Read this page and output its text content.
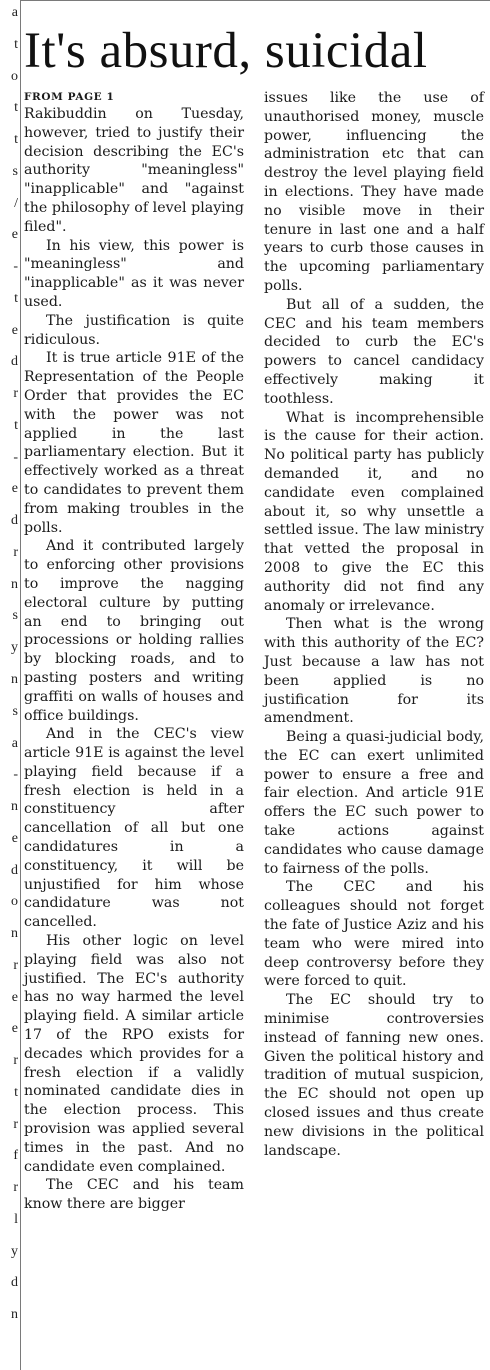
a
t
o
t
t
s
/
e
-
t
e
d
r
t
-
e
d
r
n
s
y
n
s
a
-
n
e
d
o
n
r
e
e
r
t
r
f
r
l
y
d
n
It's absurd, suicidal

FROM PAGE 1

Rakibuddin on Tuesday, however, tried to justify their decision describing the EC's authority "meaningless" "inapplicable" and "against the philosophy of level playing filed".

In his view, this power is "meaningless" and "inapplicable" as it was never used.

The justification is quite ridiculous.

It is true article 91E of the Representation of the People Order that provides the EC with the power was not applied in the last parliamentary election. But it effectively worked as a threat to candidates to prevent them from making troubles in the polls.

And it contributed largely to enforcing other provisions to improve the nagging electoral culture by putting an end to bringing out processions or holding rallies by blocking roads, and to pasting posters and writing graffiti on walls of houses and office buildings.

And in the CEC's view article 91E is against the level playing field because if a fresh election is held in a constituency after cancellation of all but one candidatures in a constituency, it will be unjustified for him whose candidature was not cancelled.

His other logic on level playing field was also not justified. The EC's authority has no way harmed the level playing field. A similar article 17 of the RPO exists for decades which provides for a fresh election if a validly nominated candidate dies in the election process. This provision was applied several times in the past. And no candidate even complained.

The CEC and his team know there are bigger

issues like the use of unauthorised money, muscle power, influencing the administration etc that can destroy the level playing field in elections. They have made no visible move in their tenure in last one and a half years to curb those causes in the upcoming parliamentary polls.

But all of a sudden, the CEC and his team members decided to curb the EC's powers to cancel candidacy effectively making it toothless.

What is incomprehensible is the cause for their action. No political party has publicly demanded it, and no candidate even complained about it, so why unsettle a settled issue. The law ministry that vetted the proposal in 2008 to give the EC this authority did not find any anomaly or irrelevance.

Then what is the wrong with this authority of the EC? Just because a law has not been applied is no justification for its amendment.

Being a quasi-judicial body, the EC can exert unlimited power to ensure a free and fair election. And article 91E offers the EC such power to take actions against candidates who cause damage to fairness of the polls.

The CEC and his colleagues should not forget the fate of Justice Aziz and his team who were mired into deep controversy before they were forced to quit.

The EC should try to minimise controversies instead of fanning new ones. Given the political history and tradition of mutual suspicion, the EC should not open up closed issues and thus create new divisions in the political landscape.
